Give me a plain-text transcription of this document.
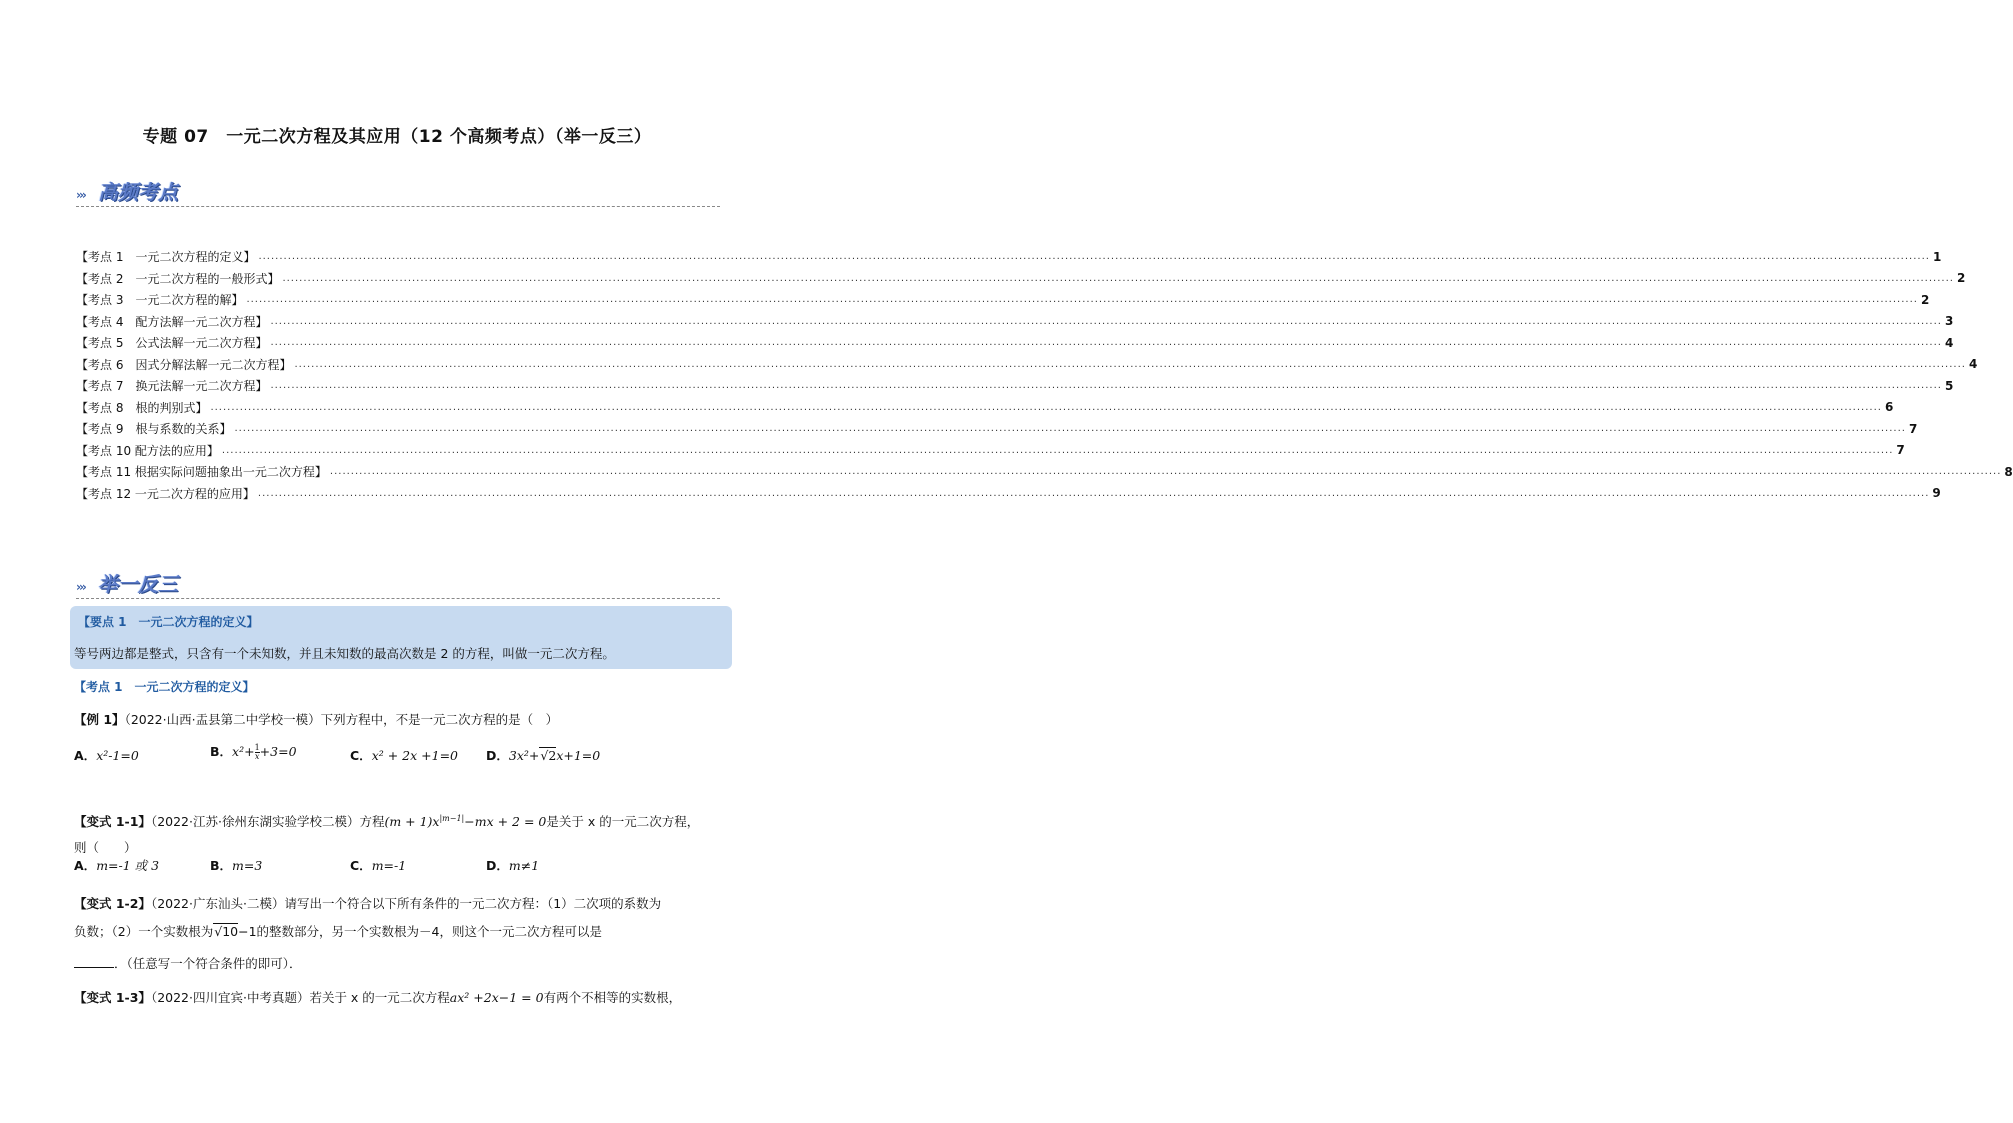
专题 07　一元二次方程及其应用（12 个高频考点）（举一反三）
››› 高频考点
【考点 1　一元二次方程的定义】 ................................................................................................................................................................................................................................................................................................................................................................................................................ 1
【考点 2　一元二次方程的一般形式】 ................................................................................................................................................................................................................................................................................................................................................................................................................ 2
【考点 3　一元二次方程的解】 ................................................................................................................................................................................................................................................................................................................................................................................................................ 2
【考点 4　配方法解一元二次方程】 ................................................................................................................................................................................................................................................................................................................................................................................................................ 3
【考点 5　公式法解一元二次方程】 ................................................................................................................................................................................................................................................................................................................................................................................................................ 4
【考点 6　因式分解法解一元二次方程】 ................................................................................................................................................................................................................................................................................................................................................................................................................ 4
【考点 7　换元法解一元二次方程】 ................................................................................................................................................................................................................................................................................................................................................................................................................ 5
【考点 8　根的判别式】 ................................................................................................................................................................................................................................................................................................................................................................................................................ 6
【考点 9　根与系数的关系】 ................................................................................................................................................................................................................................................................................................................................................................................................................ 7
【考点 10 配方法的应用】 ................................................................................................................................................................................................................................................................................................................................................................................................................ 7
【考点 11 根据实际问题抽象出一元二次方程】 ................................................................................................................................................................................................................................................................................................................................................................................................................ 8
【考点 12 一元二次方程的应用】 ................................................................................................................................................................................................................................................................................................................................................................................................................ 9
››› 举一反三
【要点 1　一元二次方程的定义】
等号两边都是整式，只含有一个未知数，并且未知数的最高次数是 2 的方程，叫做一元二次方程。
【考点 1　一元二次方程的定义】
【例 1】（2022·山西·盂县第二中学校一模）下列方程中，不是一元二次方程的是（　）
A．x²-1=0	B．$x^2+ \frac{1}{x} +3=0$	C．x² + 2x +1=0 D．3x²+√2x+1=0
【变式 1-1】（2022·江苏·徐州东湖实验学校二模）方程$(m + 1)x^{|m-1|}-mx + 2 = 0$是关于 x 的一元二次方程，
则（　　）
A．m=-1 或 3	B．m=3	C．m=-1	D．m≠1
【变式 1-2】（2022·广东汕头·二模）请写出一个符合以下所有条件的一元二次方程：（1）二次项的系数为
负数；（2）一个实数根为√10−1的整数部分，另一个实数根为－4，则这个一元二次方程可以是
．（任意写一个符合条件的即可）．
【变式 1-3】（2022·四川宜宾·中考真题）若关于 x 的一元二次方程ax² +2x−1 = 0有两个不相等的实数根，
